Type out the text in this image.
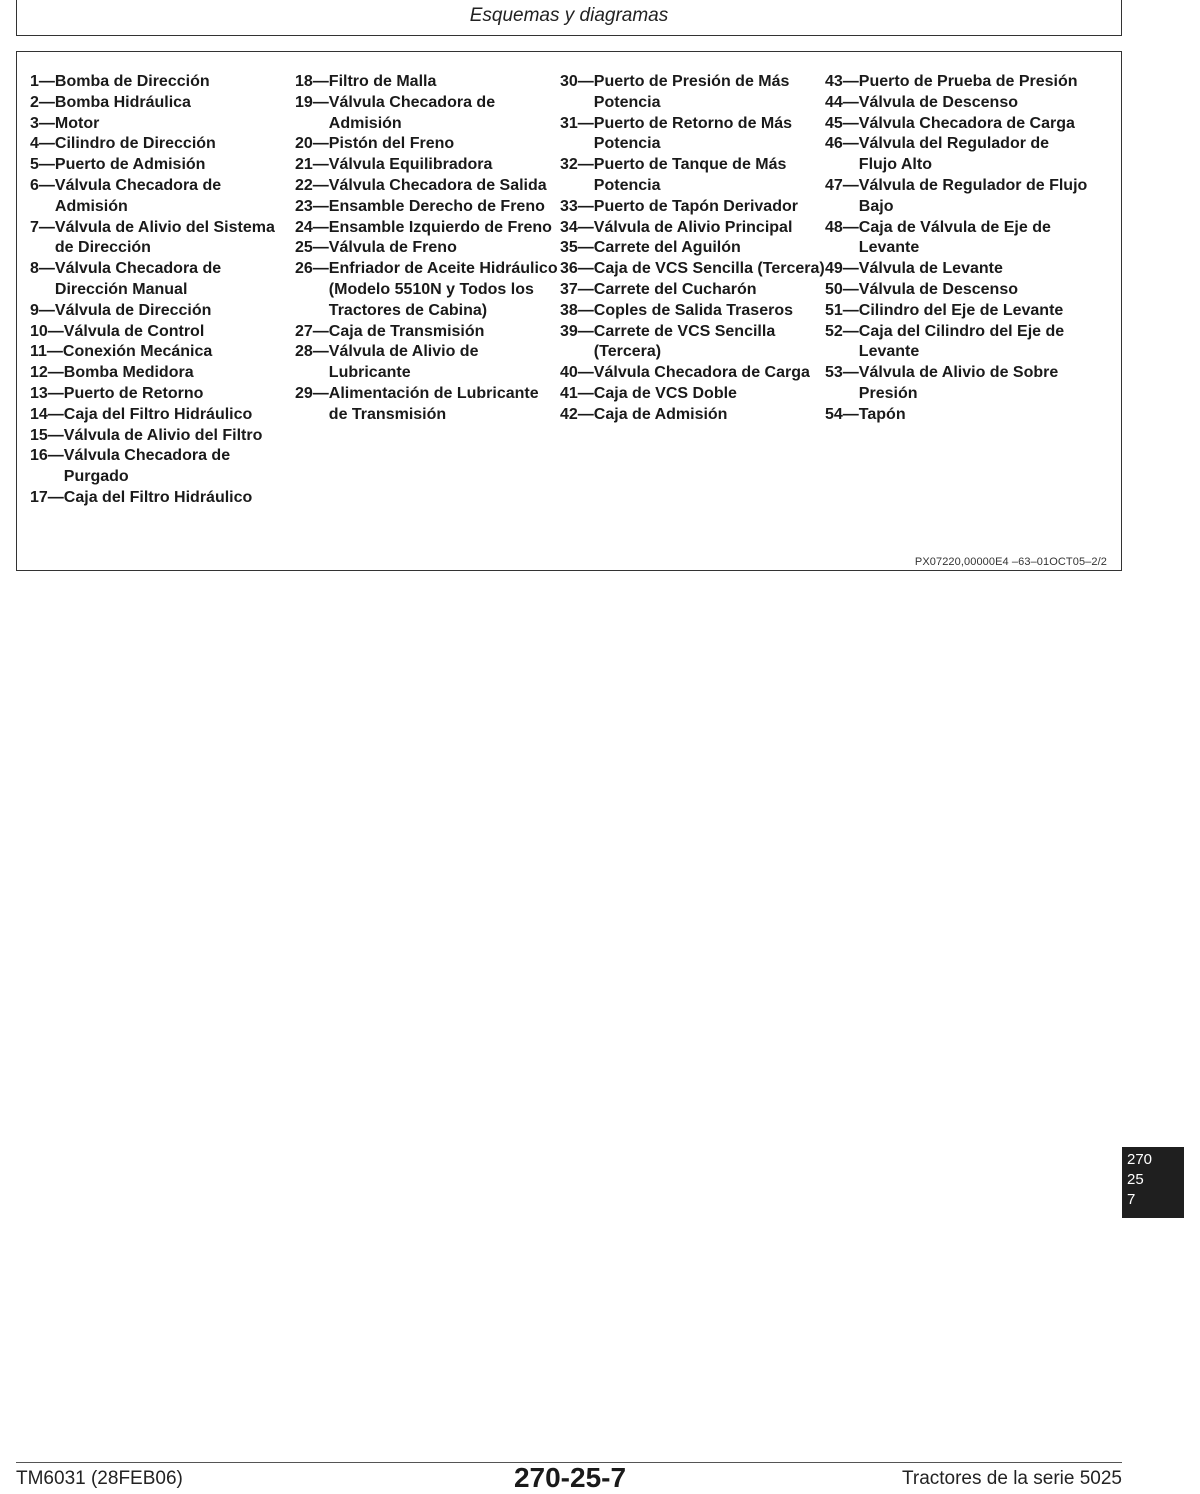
Esquemas y diagramas
1— Bomba de Dirección
2— Bomba Hidráulica
3— Motor
4— Cilindro de Dirección
5— Puerto de Admisión
6— Válvula Checadora de Admisión
7— Válvula de Alivio del Sistema de Dirección
8— Válvula Checadora de Dirección Manual
9— Válvula de Dirección
10— Válvula de Control
11— Conexión Mecánica
12— Bomba Medidora
13— Puerto de Retorno
14— Caja del Filtro Hidráulico
15— Válvula de Alivio del Filtro
16— Válvula Checadora de Purgado
17— Caja del Filtro Hidráulico
18— Filtro de Malla
19— Válvula Checadora de Admisión
20— Pistón del Freno
21— Válvula Equilibradora
22— Válvula Checadora de Salida
23— Ensamble Derecho de Freno
24— Ensamble Izquierdo de Freno
25— Válvula de Freno
26— Enfriador de Aceite Hidráulico (Modelo 5510N y Todos los Tractores de Cabina)
27— Caja de Transmisión
28— Válvula de Alivio de Lubricante
29— Alimentación de Lubricante de Transmisión
30— Puerto de Presión de Más Potencia
31— Puerto de Retorno de Más Potencia
32— Puerto de Tanque de Más Potencia
33— Puerto de Tapón Derivador
34— Válvula de Alivio Principal
35— Carrete del Aguilón
36— Caja de VCS Sencilla (Tercera)
37— Carrete del Cucharón
38— Coples de Salida Traseros
39— Carrete de VCS Sencilla (Tercera)
40— Válvula Checadora de Carga
41— Caja de VCS Doble
42— Caja de Admisión
43— Puerto de Prueba de Presión
44— Válvula de Descenso
45— Válvula Checadora de Carga
46— Válvula del Regulador de Flujo Alto
47— Válvula de Regulador de Flujo Bajo
48— Caja de Válvula de Eje de Levante
49— Válvula de Levante
50— Válvula de Descenso
51— Cilindro del Eje de Levante
52— Caja del Cilindro del Eje de Levante
53— Válvula de Alivio de Sobre Presión
54— Tapón
PX07220,00000E4 –63–01OCT05–2/2
270
25
7
TM6031 (28FEB06)	270-25-7	Tractores de la serie 5025
